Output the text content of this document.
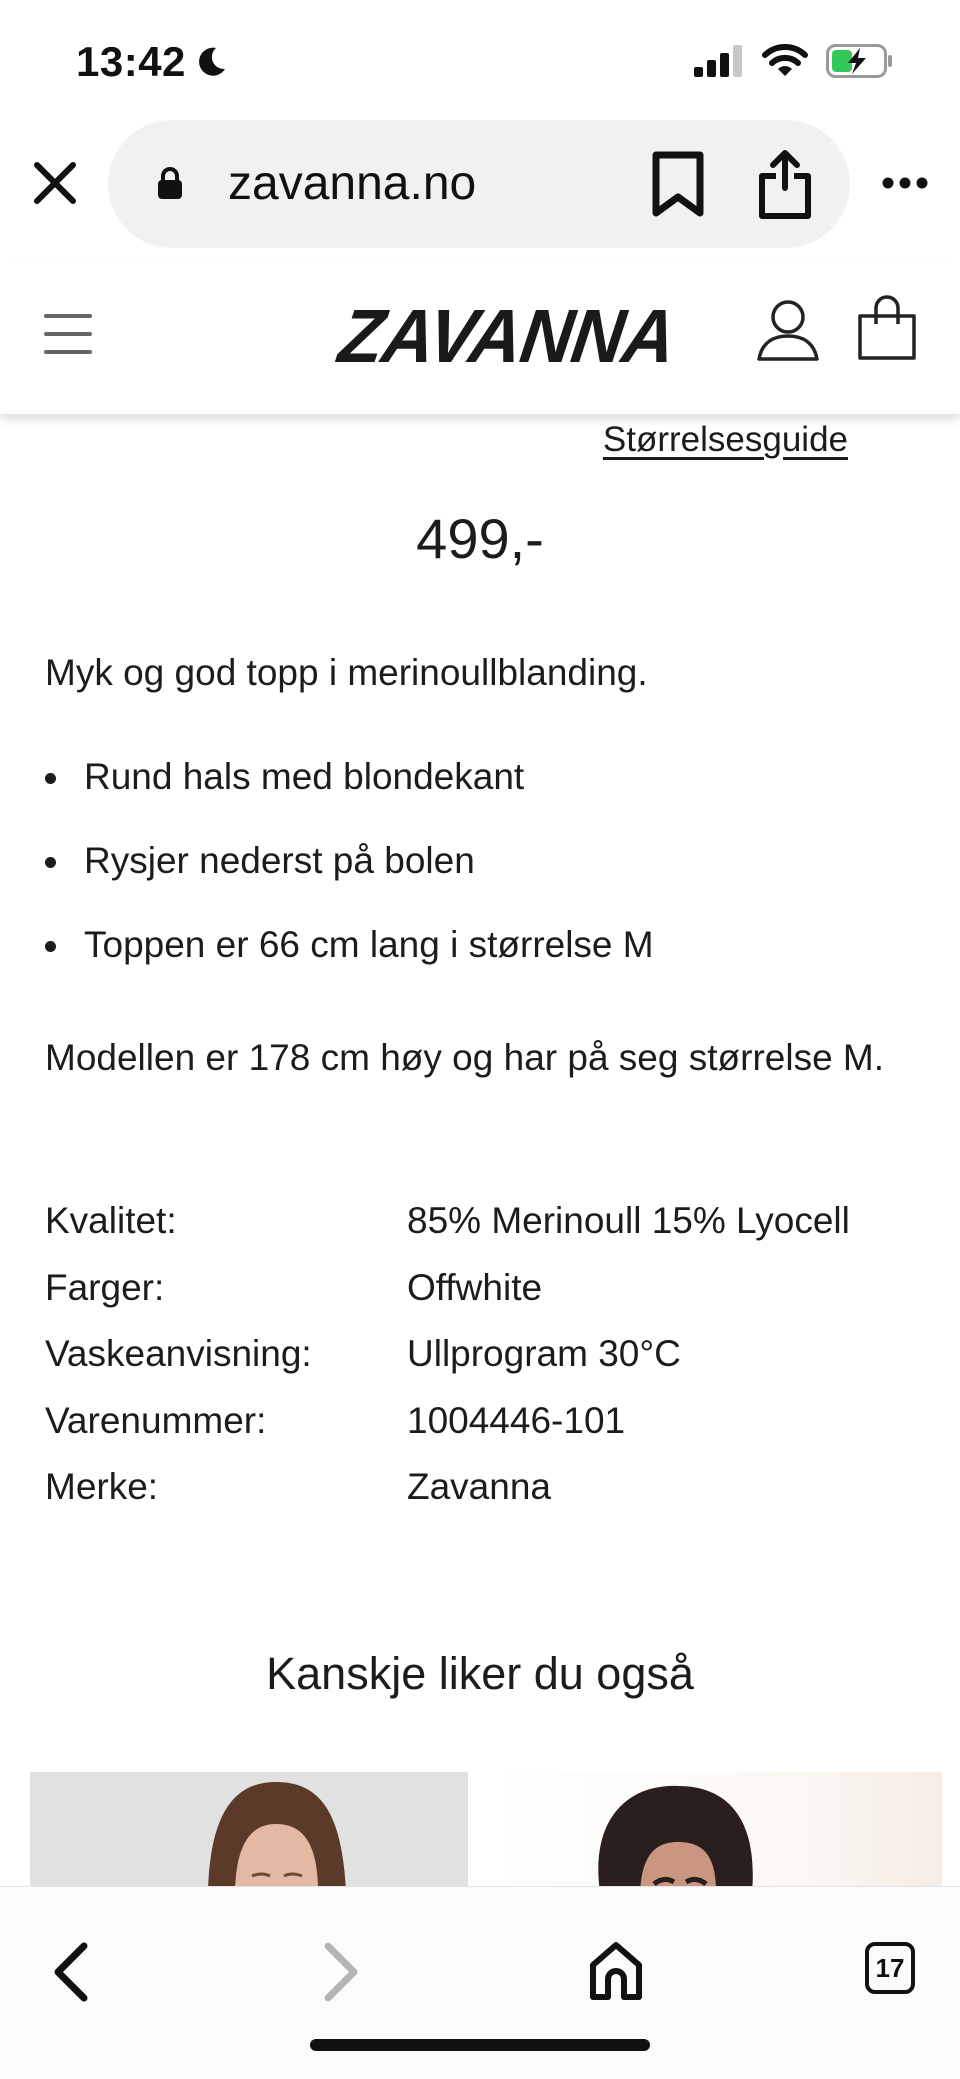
13:42
zavanna.no
ZAVANNA
Størrelsesguide
499,-
Myk og god topp i merinoullblanding.
Rund hals med blondekant
Rysjer nederst på bolen
Toppen er 66 cm lang i størrelse M
Modellen er 178 cm høy og har på seg størrelse M.
Kvalitet:	85% Merinoull 15% Lyocell
Farger:	Offwhite
Vaskeanvisning:	Ullprogram 30°C
Varenummer:	1004446-101
Merke:	Zavanna
Kanskje liker du også
17
